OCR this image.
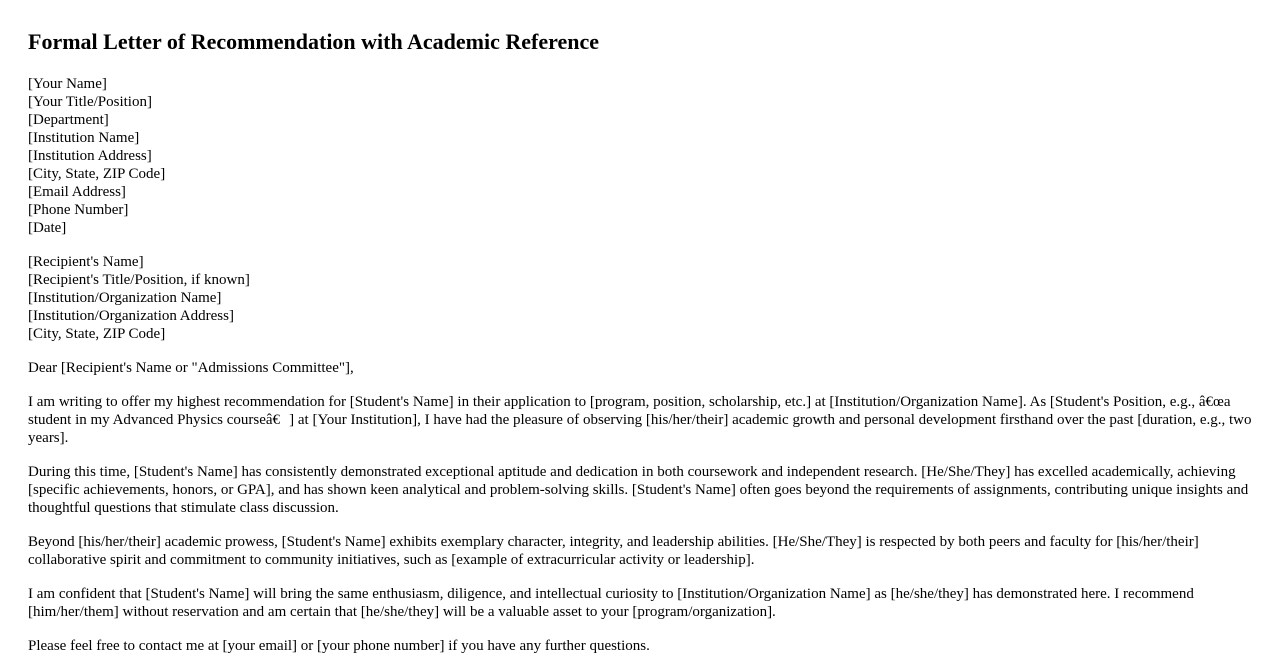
Formal Letter of Recommendation with Academic Reference
[Your Name]
[Your Title/Position]
[Department]
[Institution Name]
[Institution Address]
[City, State, ZIP Code]
[Email Address]
[Phone Number]
[Date]
[Recipient's Name]
[Recipient's Title/Position, if known]
[Institution/Organization Name]
[Institution/Organization Address]
[City, State, ZIP Code]

Dear [Recipient's Name or "Admissions Committee"],

I am writing to offer my highest recommendation for [Student's Name] in their application to [program, position, scholarship, etc.] at [Institution/Organization Name]. As [Student's Position, e.g., â€œa student in my Advanced Physics courseâ€] at [Your Institution], I have had the pleasure of observing [his/her/their] academic growth and personal development firsthand over the past [duration, e.g., two years].

During this time, [Student's Name] has consistently demonstrated exceptional aptitude and dedication in both coursework and independent research. [He/She/They] has excelled academically, achieving [specific achievements, honors, or GPA], and has shown keen analytical and problem-solving skills. [Student's Name] often goes beyond the requirements of assignments, contributing unique insights and thoughtful questions that stimulate class discussion.

Beyond [his/her/their] academic prowess, [Student's Name] exhibits exemplary character, integrity, and leadership abilities. [He/She/They] is respected by both peers and faculty for [his/her/their] collaborative spirit and commitment to community initiatives, such as [example of extracurricular activity or leadership].

I am confident that [Student's Name] will bring the same enthusiasm, diligence, and intellectual curiosity to [Institution/Organization Name] as [he/she/they] has demonstrated here. I recommend [him/her/them] without reservation and am certain that [he/she/they] will be a valuable asset to your [program/organization].

Please feel free to contact me at [your email] or [your phone number] if you have any further questions.
